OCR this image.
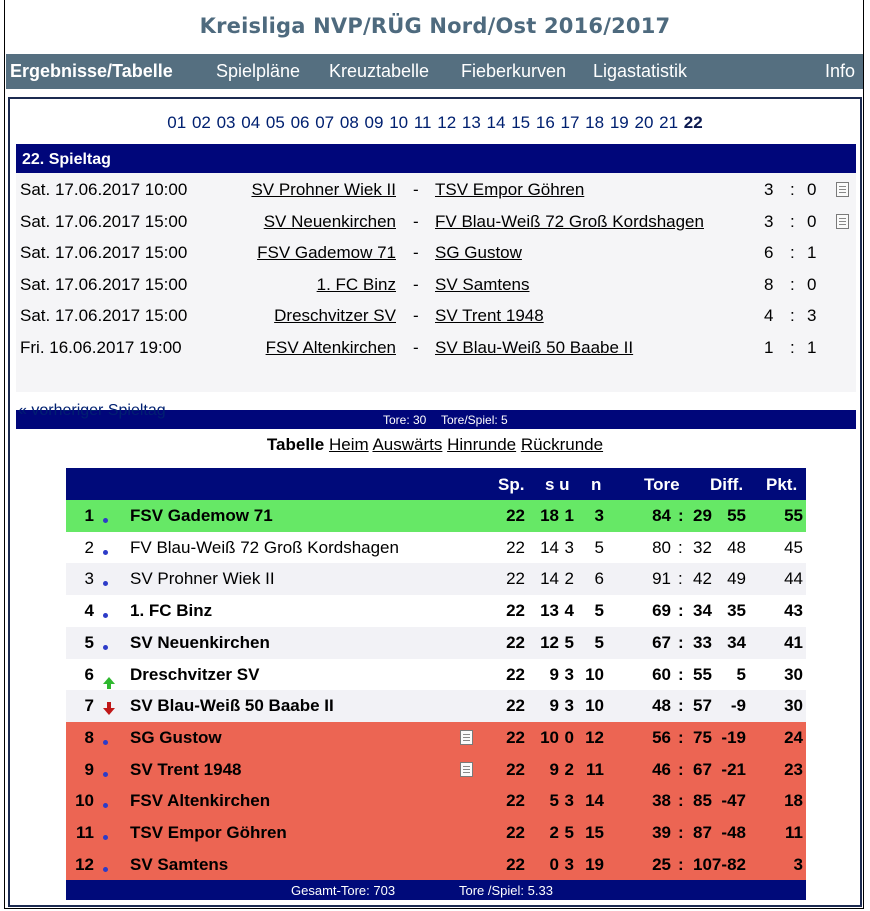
Kreisliga NVP/RÜG Nord/Ost 2016/2017
Ergebnisse/Tabelle Spielpläne Kreuztabelle Fieberkurven Ligastatistik	Info
01 02 03 04 05 06 07 08 09 10 11 12 13 14 15 16 17 18 19 20 21 22
22. Spieltag
Sat. 17.06.2017 10:00	SV Prohner Wiek II - TSV Empor Göhren	3 : 0
Sat. 17.06.2017 15:00	SV Neuenkirchen - FV Blau-Weiß 72 Groß Kordshagen	3 : 0
Sat. 17.06.2017 15:00	FSV Gademow 71 - SG Gustow	6 : 1
Sat. 17.06.2017 15:00	1. FC Binz - SV Samtens	8 : 0
Sat. 17.06.2017 15:00	Dreschvitzer SV - SV Trent 1948	4 : 3
Fri. 16.06.2017 19:00	FSV Altenkirchen - SV Blau-Weiß 50 Baabe II	1 : 1
Tore: 30 Tore/Spiel: 5
« vorheriger Spieltag
Tabelle Heim Auswärts Hinrunde Rückrunde
Sp. s u n	Tore Diff. Pkt.
1 FSV Gademow 71	22 18 1 3	84 29 55 55
:
2 FV Blau-Weiß 72 Groß Kordshagen	22 14 3 5	80 32 48 45
:
3 SV Prohner Wiek II	22 14 2 6	91 42 49 44
:
4 1. FC Binz	22 13 4 5	69 34 35 43
:
5 SV Neuenkirchen	22 12 5 5	67 33 34 41
:
6 Dreschvitzer SV	22 9 3 10	60 55 5 30
:
7 SV Blau-Weiß 50 Baabe II	22 9 3 10	48 57 -9 30
:
8 SG Gustow	22 10 0 12	56 75 -19 24
:
9 SV Trent 1948	22 9 2 11	46 67 -21 23
:
10 FSV Altenkirchen	22 5 3 14	38 85 -47 18
:
11 TSV Empor Göhren	22 2 5 15	39 87 -48 11
:
12 SV Samtens	22 0 3 19	25 107 -82	3
:
Gesamt-Tore: 703	Tore /Spiel: 5.33
